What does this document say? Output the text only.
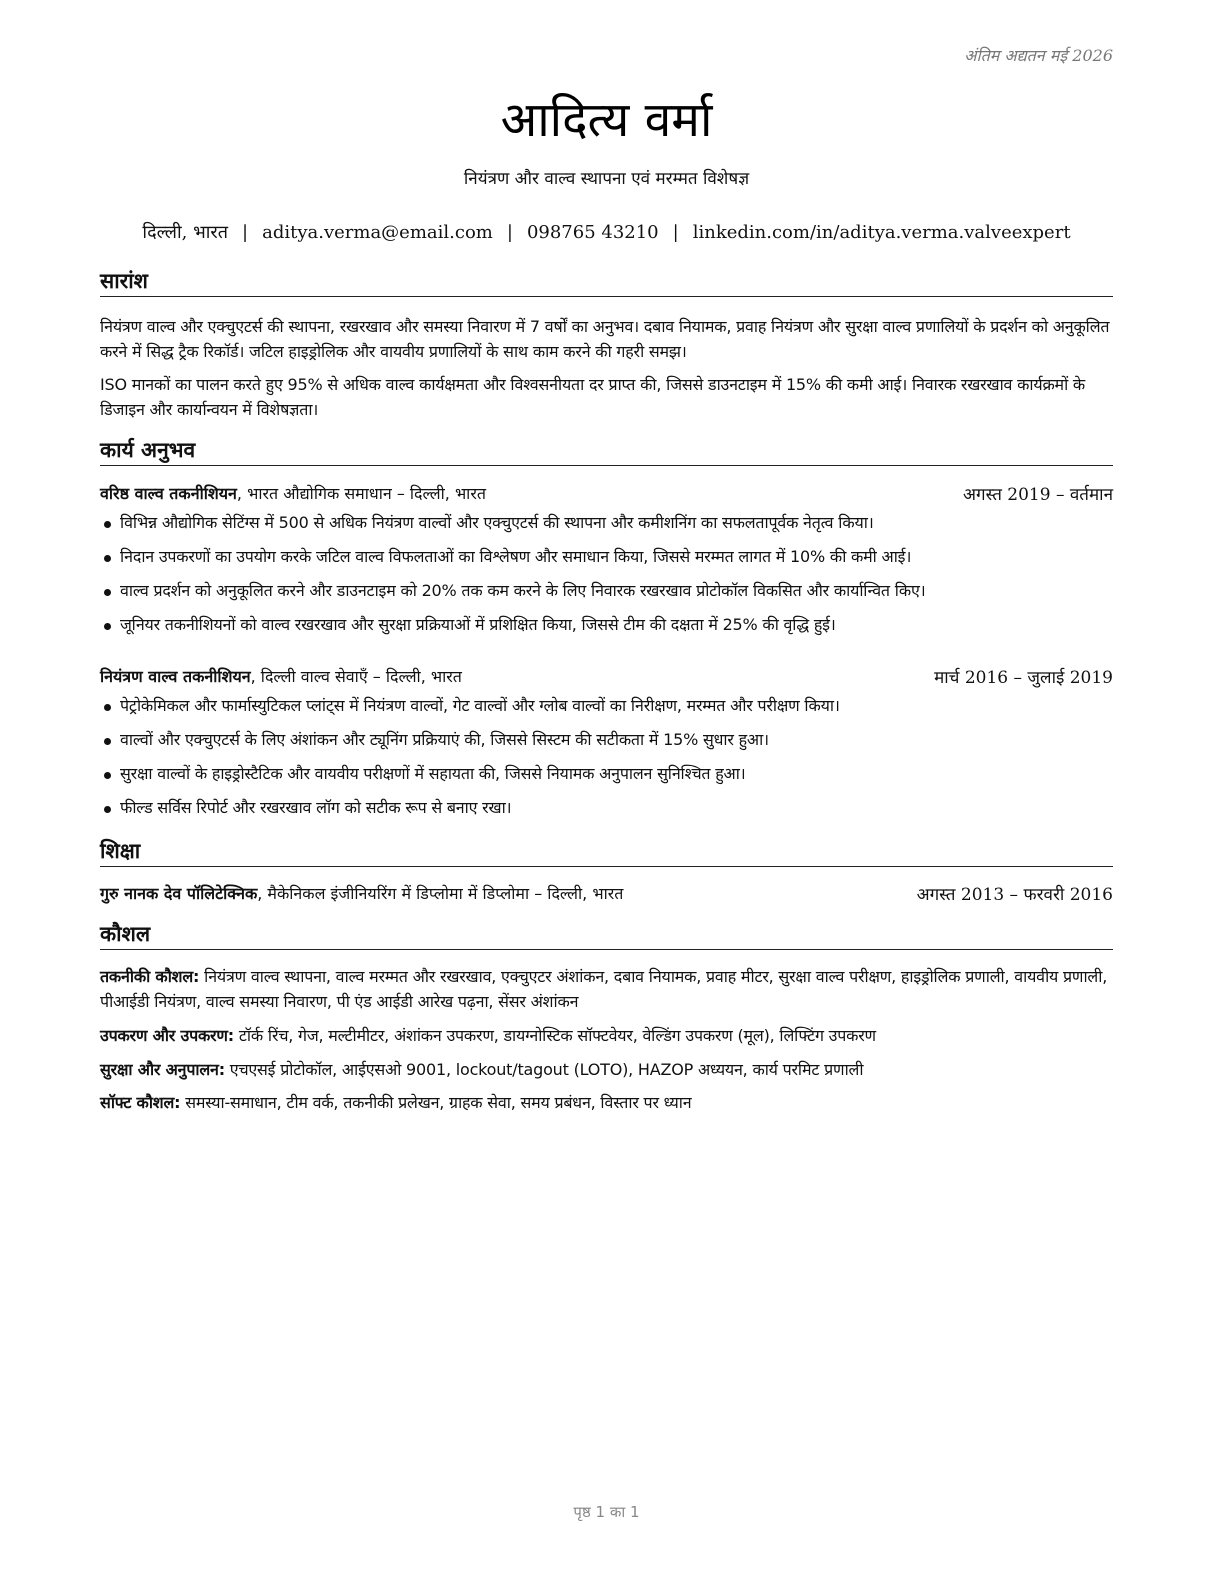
अंतिम अद्यतन मई 2026
आदित्य वर्मा
नियंत्रण और वाल्व स्थापना एवं मरम्मत विशेषज्ञ
दिल्ली, भारत | aditya.verma@email.com | 098765 43210 | linkedin.com/in/aditya.verma.valveexpert
सारांश
नियंत्रण वाल्व और एक्चुएटर्स की स्थापना, रखरखाव और समस्या निवारण में 7 वर्षों का अनुभव। दबाव नियामक, प्रवाह नियंत्रण और सुरक्षा वाल्व प्रणालियों के प्रदर्शन को अनुकूलित करने में सिद्ध ट्रैक रिकॉर्ड। जटिल हाइड्रोलिक और वायवीय प्रणालियों के साथ काम करने की गहरी समझ।
ISO मानकों का पालन करते हुए 95% से अधिक वाल्व कार्यक्षमता और विश्वसनीयता दर प्राप्त की, जिससे डाउनटाइम में 15% की कमी आई। निवारक रखरखाव कार्यक्रमों के डिजाइन और कार्यान्वयन में विशेषज्ञता।
कार्य अनुभव
वरिष्ठ वाल्व तकनीशियन, भारत औद्योगिक समाधान – दिल्ली, भारत	अगस्त 2019 – वर्तमान
विभिन्न औद्योगिक सेटिंग्स में 500 से अधिक नियंत्रण वाल्वों और एक्चुएटर्स की स्थापना और कमीशनिंग का सफलतापूर्वक नेतृत्व किया।
निदान उपकरणों का उपयोग करके जटिल वाल्व विफलताओं का विश्लेषण और समाधान किया, जिससे मरम्मत लागत में 10% की कमी आई।
वाल्व प्रदर्शन को अनुकूलित करने और डाउनटाइम को 20% तक कम करने के लिए निवारक रखरखाव प्रोटोकॉल विकसित और कार्यान्वित किए।
जूनियर तकनीशियनों को वाल्व रखरखाव और सुरक्षा प्रक्रियाओं में प्रशिक्षित किया, जिससे टीम की दक्षता में 25% की वृद्धि हुई।
नियंत्रण वाल्व तकनीशियन, दिल्ली वाल्व सेवाएँ – दिल्ली, भारत	मार्च 2016 – जुलाई 2019
पेट्रोकेमिकल और फार्मास्युटिकल प्लांट्स में नियंत्रण वाल्वों, गेट वाल्वों और ग्लोब वाल्वों का निरीक्षण, मरम्मत और परीक्षण किया।
वाल्वों और एक्चुएटर्स के लिए अंशांकन और ट्यूनिंग प्रक्रियाएं की, जिससे सिस्टम की सटीकता में 15% सुधार हुआ।
सुरक्षा वाल्वों के हाइड्रोस्टैटिक और वायवीय परीक्षणों में सहायता की, जिससे नियामक अनुपालन सुनिश्चित हुआ।
फील्ड सर्विस रिपोर्ट और रखरखाव लॉग को सटीक रूप से बनाए रखा।
शिक्षा
गुरु नानक देव पॉलिटेक्निक, मैकेनिकल इंजीनियरिंग में डिप्लोमा में डिप्लोमा – दिल्ली, भारत	अगस्त 2013 – फरवरी 2016
कौशल
तकनीकी कौशल: नियंत्रण वाल्व स्थापना, वाल्व मरम्मत और रखरखाव, एक्चुएटर अंशांकन, दबाव नियामक, प्रवाह मीटर, सुरक्षा वाल्व परीक्षण, हाइड्रोलिक प्रणाली, वायवीय प्रणाली, पीआईडी नियंत्रण, वाल्व समस्या निवारण, पी एंड आईडी आरेख पढ़ना, सेंसर अंशांकन
उपकरण और उपकरण: टॉर्क रिंच, गेज, मल्टीमीटर, अंशांकन उपकरण, डायग्नोस्टिक सॉफ्टवेयर, वेल्डिंग उपकरण (मूल), लिफ्टिंग उपकरण
सुरक्षा और अनुपालन: एचएसई प्रोटोकॉल, आईएसओ 9001, lockout/tagout (LOTO), HAZOP अध्ययन, कार्य परमिट प्रणाली
सॉफ्ट कौशल: समस्या-समाधान, टीम वर्क, तकनीकी प्रलेखन, ग्राहक सेवा, समय प्रबंधन, विस्तार पर ध्यान
पृष्ठ 1 का 1
